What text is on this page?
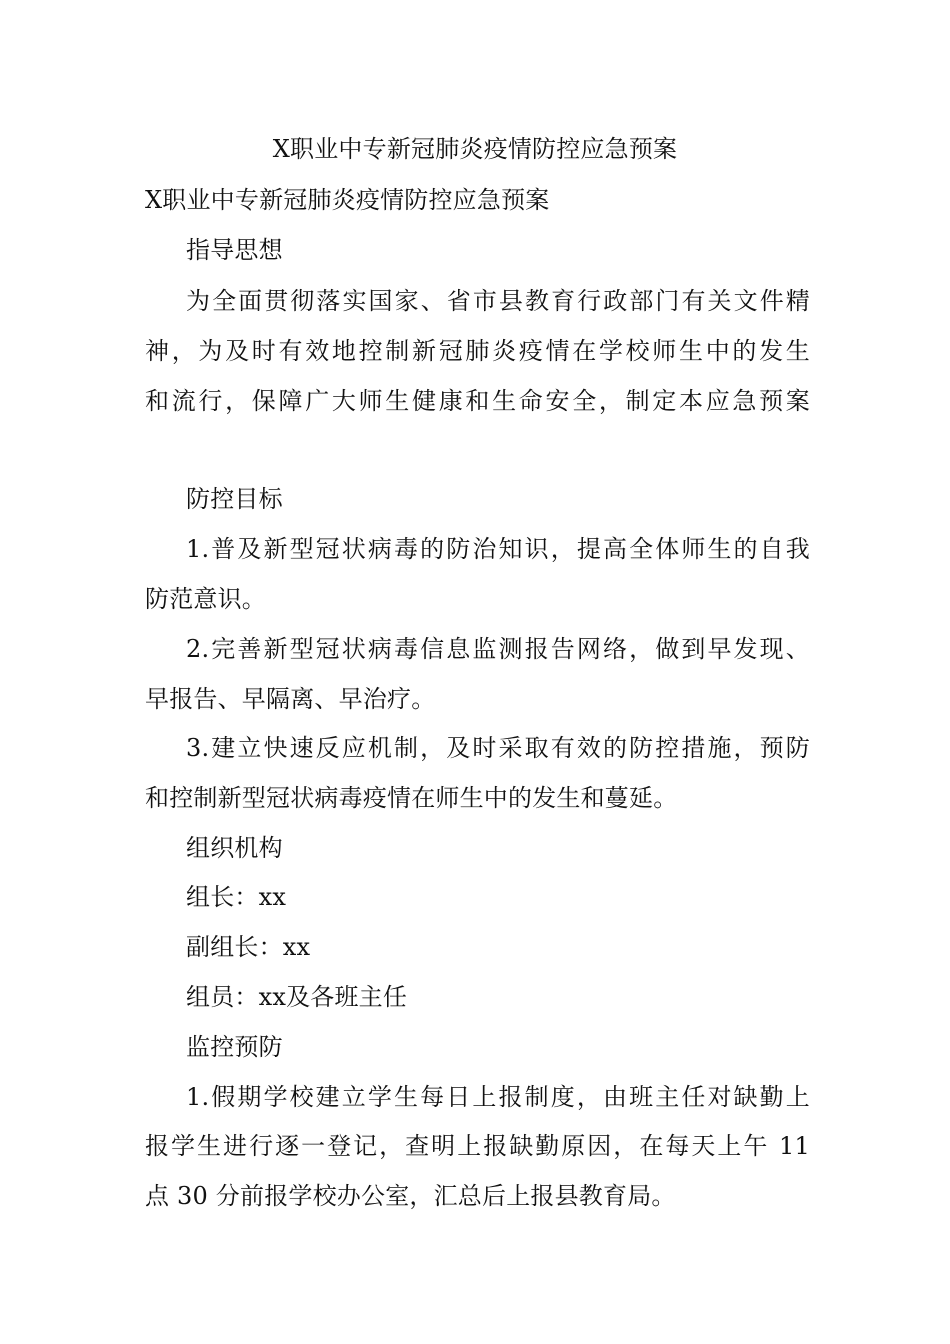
X职业中专新冠肺炎疫情防控应急预案
X职业中专新冠肺炎疫情防控应急预案
指导思想
为全面贯彻落实国家、省市县教育行政部门有关文件精
神，为及时有效地控制新冠肺炎疫情在学校师生中的发生
和流行，保障广大师生健康和生命安全，制定本应急预案
防控目标
1.普及新型冠状病毒的防治知识，提高全体师生的自我
防范意识。
2.完善新型冠状病毒信息监测报告网络，做到早发现、
早报告、早隔离、早治疗。
3.建立快速反应机制，及时采取有效的防控措施，预防
和控制新型冠状病毒疫情在师生中的发生和蔓延。
组织机构
组长：xx
副组长：xx
组员：xx及各班主任
监控预防
1.假期学校建立学生每日上报制度，由班主任对缺勤上
报学生进行逐一登记，查明上报缺勤原因，在每天上午 11
点 30 分前报学校办公室，汇总后上报县教育局。
